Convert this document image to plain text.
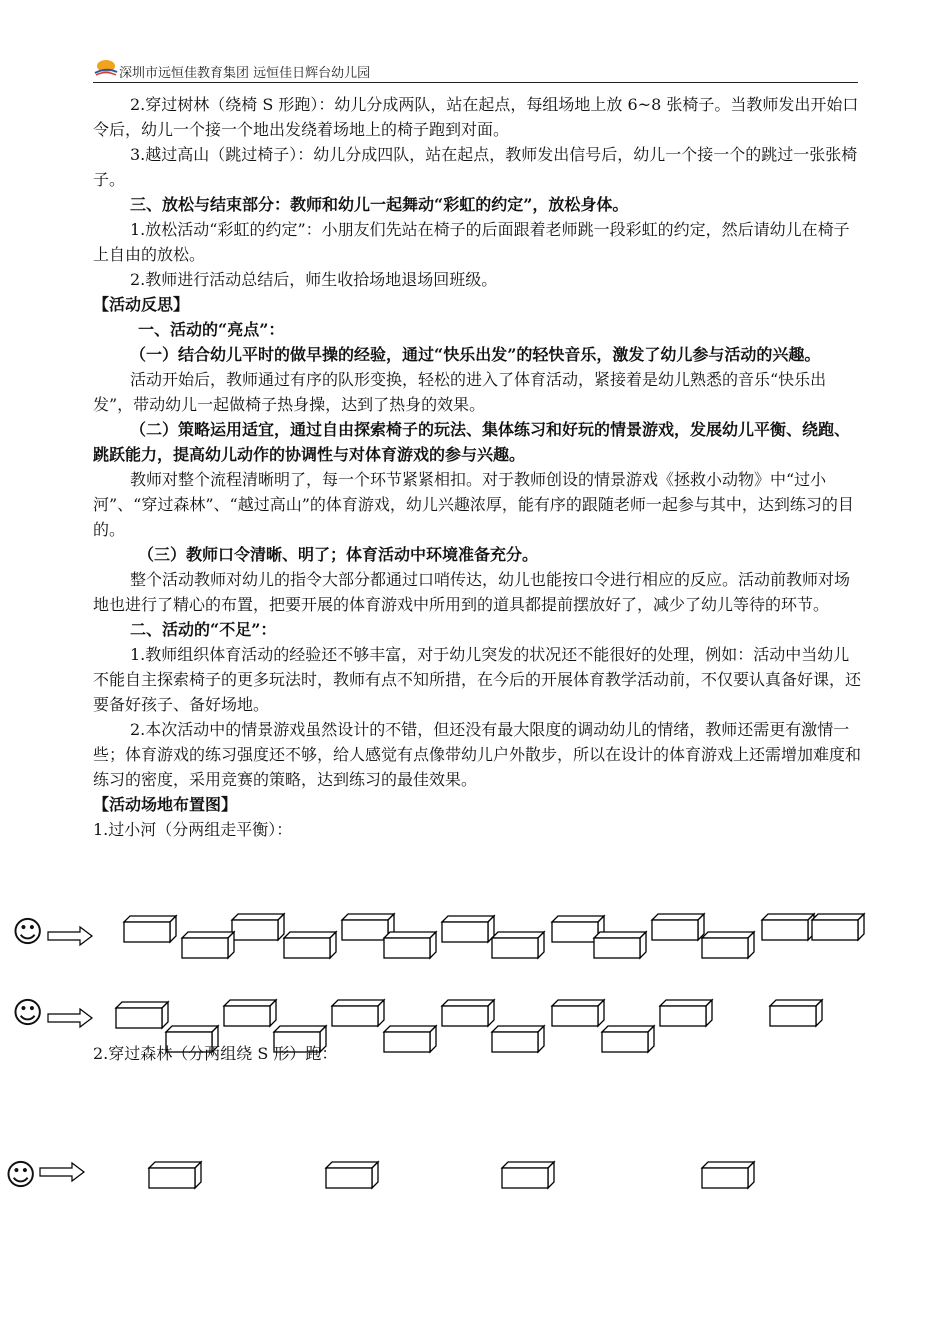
深圳市远恒佳教育集团 远恒佳日辉台幼儿园

2.穿过树林（绕椅 S 形跑）：幼儿分成两队，站在起点，每组场地上放 6~8 张椅子。当教师发出开始口令后，幼儿一个接一个地出发绕着场地上的椅子跑到对面。

3.越过高山（跳过椅子）：幼儿分成四队，站在起点，教师发出信号后，幼儿一个接一个的跳过一张张椅子。

三、放松与结束部分：教师和幼儿一起舞动“彩虹的约定”，放松身体。

1.放松活动“彩虹的约定”：小朋友们先站在椅子的后面跟着老师跳一段彩虹的约定，然后请幼儿在椅子上自由的放松。

2.教师进行活动总结后，师生收拾场地退场回班级。

【活动反思】

一、活动的“亮点”：

（一）结合幼儿平时的做早操的经验，通过“快乐出发”的轻快音乐，激发了幼儿参与活动的兴趣。

活动开始后，教师通过有序的队形变换，轻松的进入了体育活动，紧接着是幼儿熟悉的音乐“快乐出发”，带动幼儿一起做椅子热身操，达到了热身的效果。

（二）策略运用适宜，通过自由探索椅子的玩法、集体练习和好玩的情景游戏，发展幼儿平衡、绕跑、跳跃能力，提高幼儿动作的协调性与对体育游戏的参与兴趣。

教师对整个流程清晰明了，每一个环节紧紧相扣。对于教师创设的情景游戏《拯救小动物》中“过小河”、“穿过森林”、“越过高山”的体育游戏，幼儿兴趣浓厚，能有序的跟随老师一起参与其中，达到练习的目的。

（三）教师口令清晰、明了；体育活动中环境准备充分。

整个活动教师对幼儿的指令大部分都通过口哨传达，幼儿也能按口令进行相应的反应。活动前教师对场地也进行了精心的布置，把要开展的体育游戏中所用到的道具都提前摆放好了，减少了幼儿等待的环节。

二、活动的“不足”：

1.教师组织体育活动的经验还不够丰富，对于幼儿突发的状况还不能很好的处理，例如：活动中当幼儿不能自主探索椅子的更多玩法时，教师有点不知所措，在今后的开展体育教学活动前，不仅要认真备好课，还要备好孩子、备好场地。

2.本次活动中的情景游戏虽然设计的不错，但还没有最大限度的调动幼儿的情绪，教师还需更有激情一些；体育游戏的练习强度还不够，给人感觉有点像带幼儿户外散步，所以在设计的体育游戏上还需增加难度和练习的密度，采用竞赛的策略，达到练习的最佳效果。

【活动场地布置图】

1.过小河（分两组走平衡）：

☺
☺
☺
2.穿过森林（分两组绕 S 形）跑：
